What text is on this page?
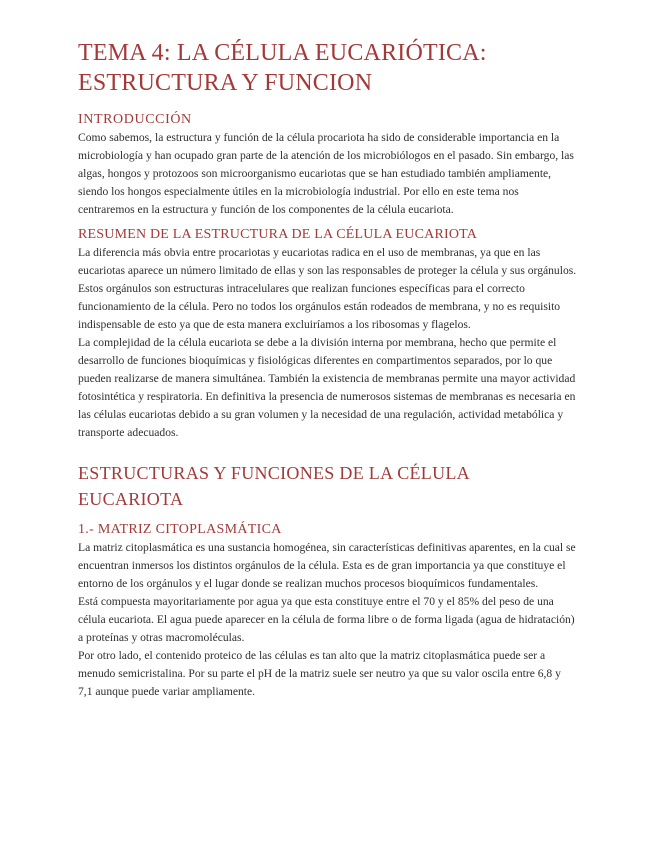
TEMA 4: LA CÉLULA EUCARIÓTICA: ESTRUCTURA Y FUNCION
INTRODUCCIÓN

Como sabemos, la estructura y función de la célula procariota ha sido de considerable importancia en la microbiología y han ocupado gran parte de la atención de los microbiólogos en el pasado. Sin embargo, las algas, hongos y protozoos son microorganismo eucariotas que se han estudiado también ampliamente, siendo los hongos especialmente útiles en la microbiología industrial. Por ello en este tema nos centraremos en la estructura y función de los componentes de la célula eucariota.

RESUMEN DE LA ESTRUCTURA DE LA CÉLULA EUCARIOTA

La diferencia más obvia entre procariotas y eucariotas radica en el uso de membranas, ya que en las eucariotas aparece un número limitado de ellas y son las responsables de proteger la célula y sus orgánulos. Estos orgánulos son estructuras intracelulares que realizan funciones específicas para el correcto funcionamiento de la célula. Pero no todos los orgánulos están rodeados de membrana, y no es requisito indispensable de esto ya que de esta manera excluiríamos a los ribosomas y flagelos.

La complejidad de la célula eucariota se debe a la división interna por membrana, hecho que permite el desarrollo de funciones bioquímicas y fisiológicas diferentes en compartimentos separados, por lo que pueden realizarse de manera simultánea. También la existencia de membranas permite una mayor actividad fotosintética y respiratoria. En definitiva la presencia de numerosos sistemas de membranas es necesaria en las células eucariotas debido a su gran volumen y la necesidad de una regulación, actividad metabólica y transporte adecuados.

ESTRUCTURAS Y FUNCIONES DE LA CÉLULA EUCARIOTA
1.- MATRIZ CITOPLASMÁTICA

La matriz citoplasmática es una sustancia homogénea, sin características definitivas aparentes, en la cual se encuentran inmersos los distintos orgánulos de la célula. Esta es de gran importancia ya que constituye el entorno de los orgánulos y el lugar donde se realizan muchos procesos bioquímicos fundamentales.

Está compuesta mayoritariamente por agua ya que esta constituye entre el 70 y el 85% del peso de una célula eucariota. El agua puede aparecer en la célula de forma libre o de forma ligada (agua de hidratación) a proteínas y otras macromoléculas.

Por otro lado, el contenido proteico de las células es tan alto que la matriz citoplasmática puede ser a menudo semicristalina. Por su parte el pH de la matriz suele ser neutro ya que su valor oscila entre 6,8 y 7,1 aunque puede variar ampliamente.
